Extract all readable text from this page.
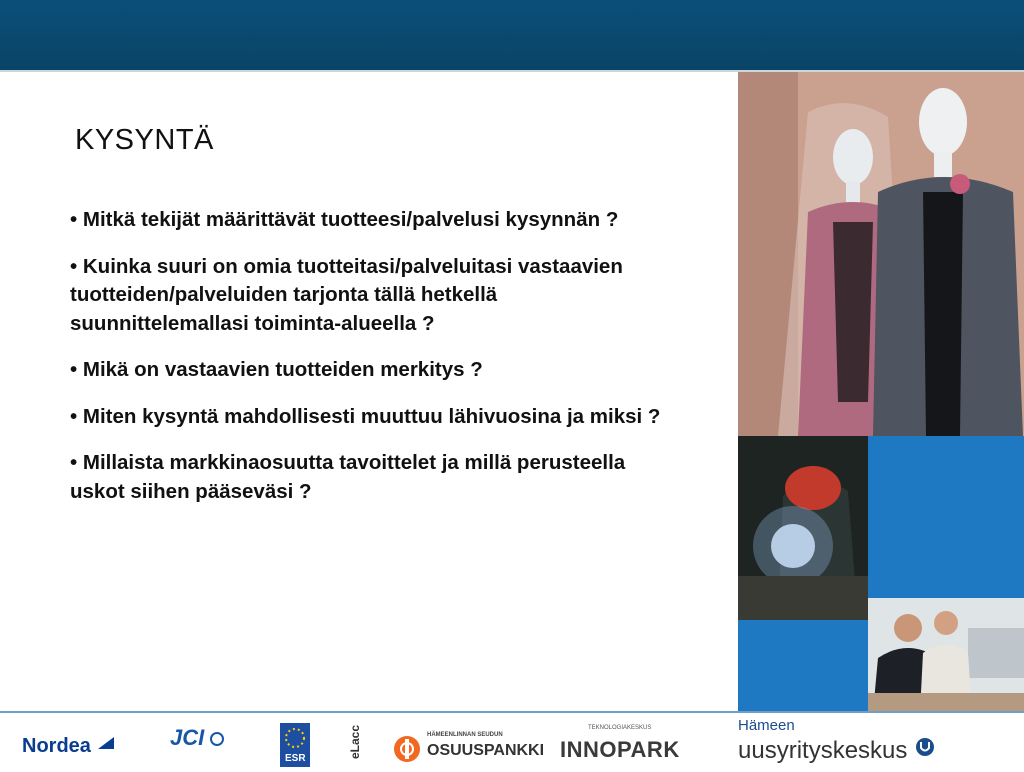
KYSYNTÄ

• Mitkä tekijät määrittävät tuotteesi/palvelusi kysynnän ?

• Kuinka suuri on omia tuotteitasi/palveluitasi vastaavien tuotteiden/palveluiden tarjonta tällä hetkellä suunnittelemallasi toiminta-alueella ?

• Mikä on vastaavien tuotteiden merkitys ?

• Miten kysyntä mahdollisesti muuttuu lähivuosina ja miksi ?

• Millaista markkinaosuutta tavoittelet ja millä perusteella uskot siihen pääseväsi ?

Nordea	JCI
ESR	eLacc	HÄMEENLINNAN SEUDUN
OSUUSPANKKI
TEKNOLOGIAKESKUS
INNOPARK
Hämeen
uusyrityskeskus
